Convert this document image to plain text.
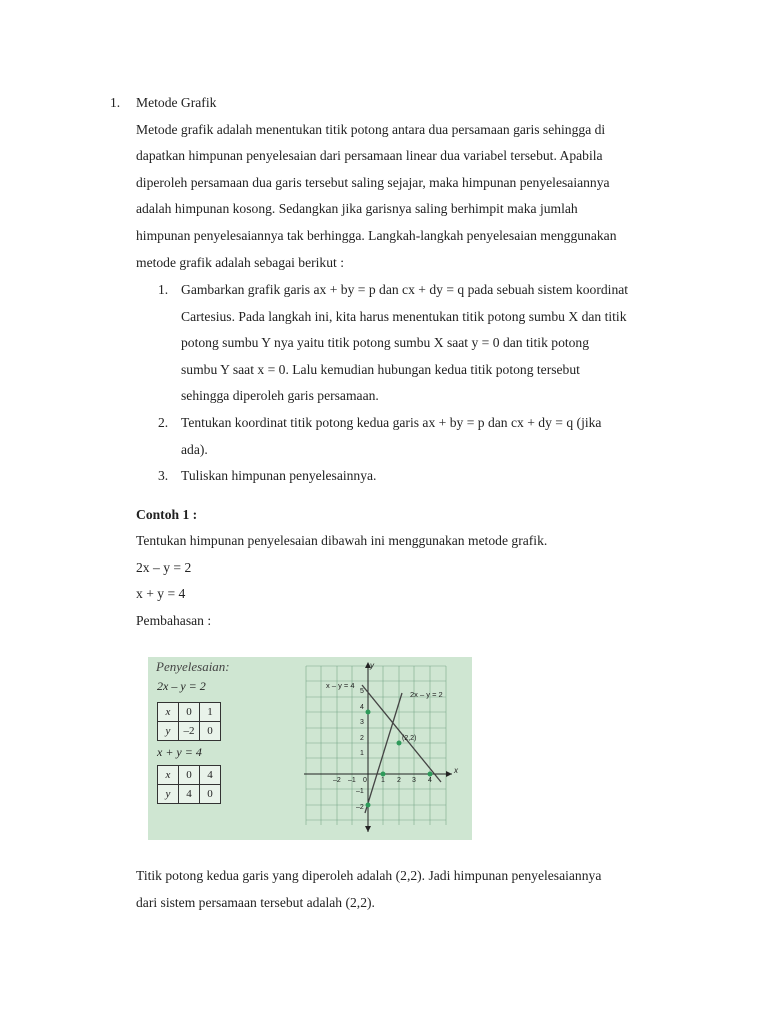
1. Metode Grafik
Metode grafik adalah menentukan titik potong antara dua persamaan garis sehingga di
dapatkan himpunan penyelesaian dari persamaan linear dua variabel tersebut. Apabila
diperoleh persamaan dua garis tersebut saling sejajar, maka himpunan penyelesaiannya
adalah himpunan kosong. Sedangkan jika garisnya saling berhimpit maka jumlah
himpunan penyelesaiannya tak berhingga. Langkah-langkah penyelesaian menggunakan
metode grafik adalah sebagai berikut :
1. Gambarkan grafik garis ax + by = p dan cx + dy = q pada sebuah sistem koordinat
Cartesius. Pada langkah ini, kita harus menentukan titik potong sumbu X dan titik
potong sumbu Y nya yaitu titik potong sumbu X saat y = 0 dan titik potong
sumbu Y saat x = 0. Lalu kemudian hubungan kedua titik potong tersebut
sehingga diperoleh garis persamaan.
2. Tentukan koordinat titik potong kedua garis ax + by = p dan cx + dy = q (jika
ada).
3. Tuliskan himpunan penyelesainnya.
Contoh 1 :
Tentukan himpunan penyelesaian dibawah ini menggunakan metode grafik.
2x – y = 2
x + y = 4
Pembahasan :
Penyelesaian:
2x – y = 2
x	0	1
y	–2	0
x + y = 4
x	0	4
y	4	0
x
y
x – y = 4
2x – y = 2
(2,2)
–2 –1 0 1 2 3 4
5
4
3
2
1
–1
–2
Titik potong kedua garis yang diperoleh adalah (2,2). Jadi himpunan penyelesaiannya
dari sistem persamaan tersebut adalah (2,2).
